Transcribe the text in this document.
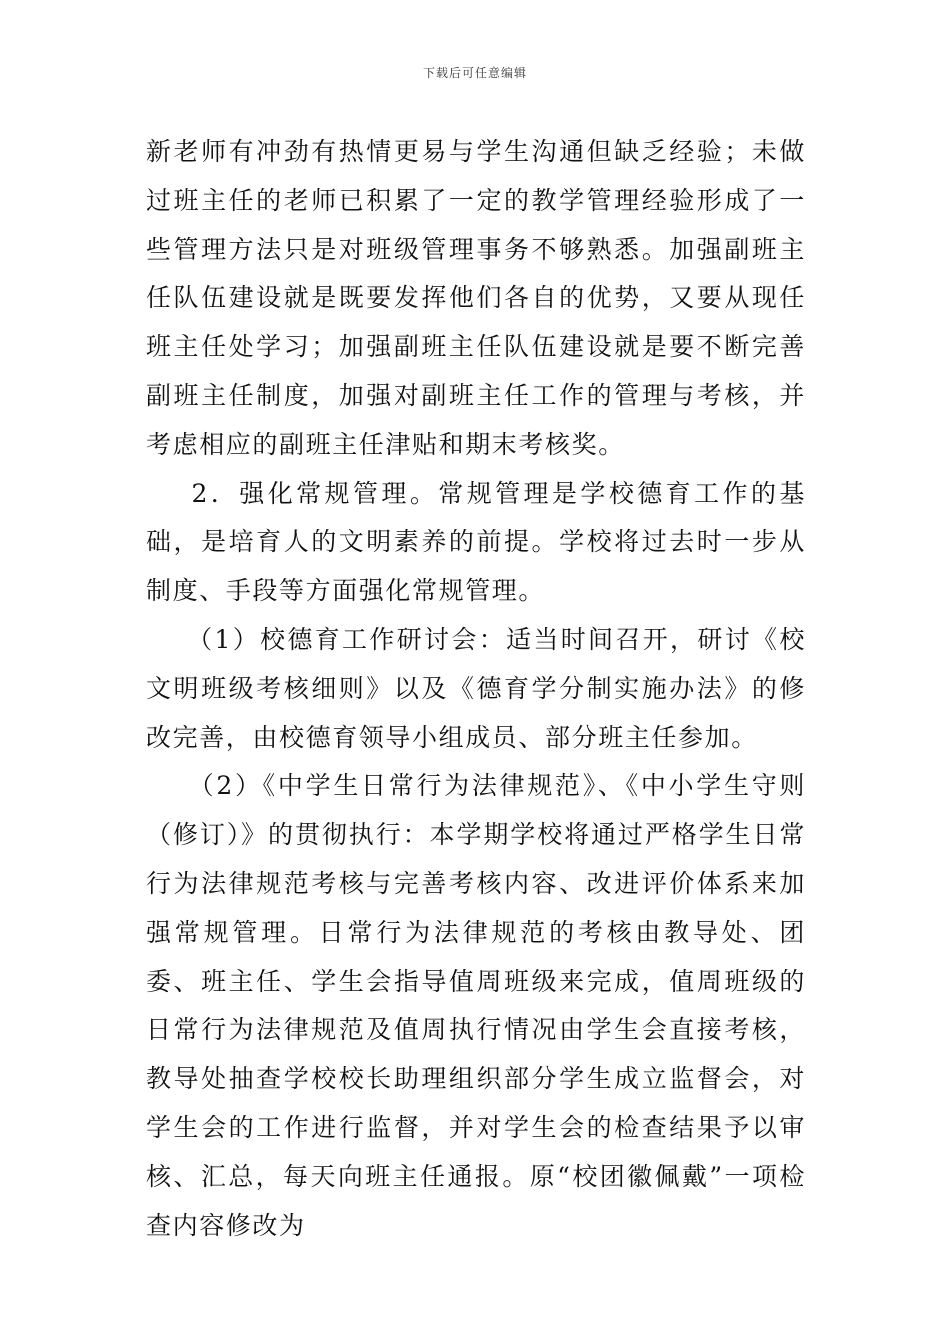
下载后可任意编辑

新老师有冲劲有热情更易与学生沟通但缺乏经验；未做过班主任的老师已积累了一定的教学管理经验形成了一些管理方法只是对班级管理事务不够熟悉。加强副班主任队伍建设就是既要发挥他们各自的优势，又要从现任班主任处学习；加强副班主任队伍建设就是要不断完善副班主任制度，加强对副班主任工作的管理与考核，并考虑相应的副班主任津贴和期末考核奖。

2．强化常规管理。常规管理是学校德育工作的基础，是培育人的文明素养的前提。学校将过去时一步从制度、手段等方面强化常规管理。

（1）校德育工作研讨会：适当时间召开，研讨《校文明班级考核细则》以及《德育学分制实施办法》的修改完善，由校德育领导小组成员、部分班主任参加。

（2）《中学生日常行为法律规范》、《中小学生守则（修订）》的贯彻执行：本学期学校将通过严格学生日常行为法律规范考核与完善考核内容、改进评价体系来加强常规管理。日常行为法律规范的考核由教导处、团委、班主任、学生会指导值周班级来完成，值周班级的日常行为法律规范及值周执行情况由学生会直接考核，教导处抽查学校校长助理组织部分学生成立监督会，对学生会的工作进行监督，并对学生会的检查结果予以审核、汇总，每天向班主任通报。原“校团徽佩戴”一项检查内容修改为
